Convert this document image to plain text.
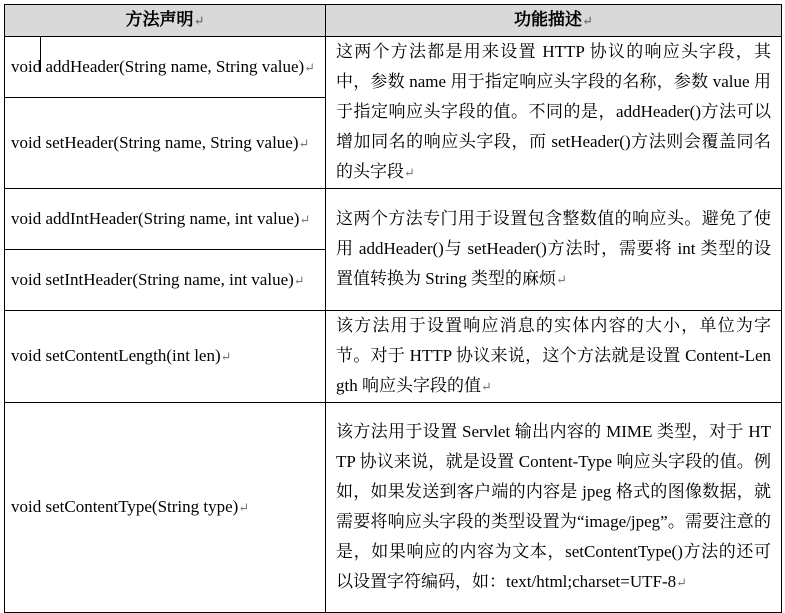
方法声明↵	功能描述↵
void addHeader(String name, String value)↵	这两个方法都是用来设置 HTTP 协议的响应头字段，其中，参数 name 用于指定响应头字段的名称，参数 value 用于指定响应头字段的值。不同的是，addHeader()方法可以增加同名的响应头字段，而 setHeader()方法则会覆盖同名的头字段↵
void setHeader(String name, String value)↵	
void addIntHeader(String name, int value)↵	这两个方法专门用于设置包含整数值的响应头。避免了使用 addHeader()与 setHeader()方法时，需要将 int 类型的设置值转换为 String 类型的麻烦↵
void setIntHeader(String name, int value)↵	
void setContentLength(int len)↵	该方法用于设置响应消息的实体内容的大小，单位为字节。对于 HTTP 协议来说，这个方法就是设置 Content-Length 响应头字段的值↵
void setContentType(String type)↵	该方法用于设置 Servlet 输出内容的 MIME 类型，对于 HTTP 协议来说，就是设置 Content-Type 响应头字段的值。例如，如果发送到客户端的内容是 jpeg 格式的图像数据，就需要将响应头字段的类型设置为“image/jpeg”。需要注意的是，如果响应的内容为文本，setContentType()方法的还可以设置字符编码，如：text/html;charset=UTF-8↵
